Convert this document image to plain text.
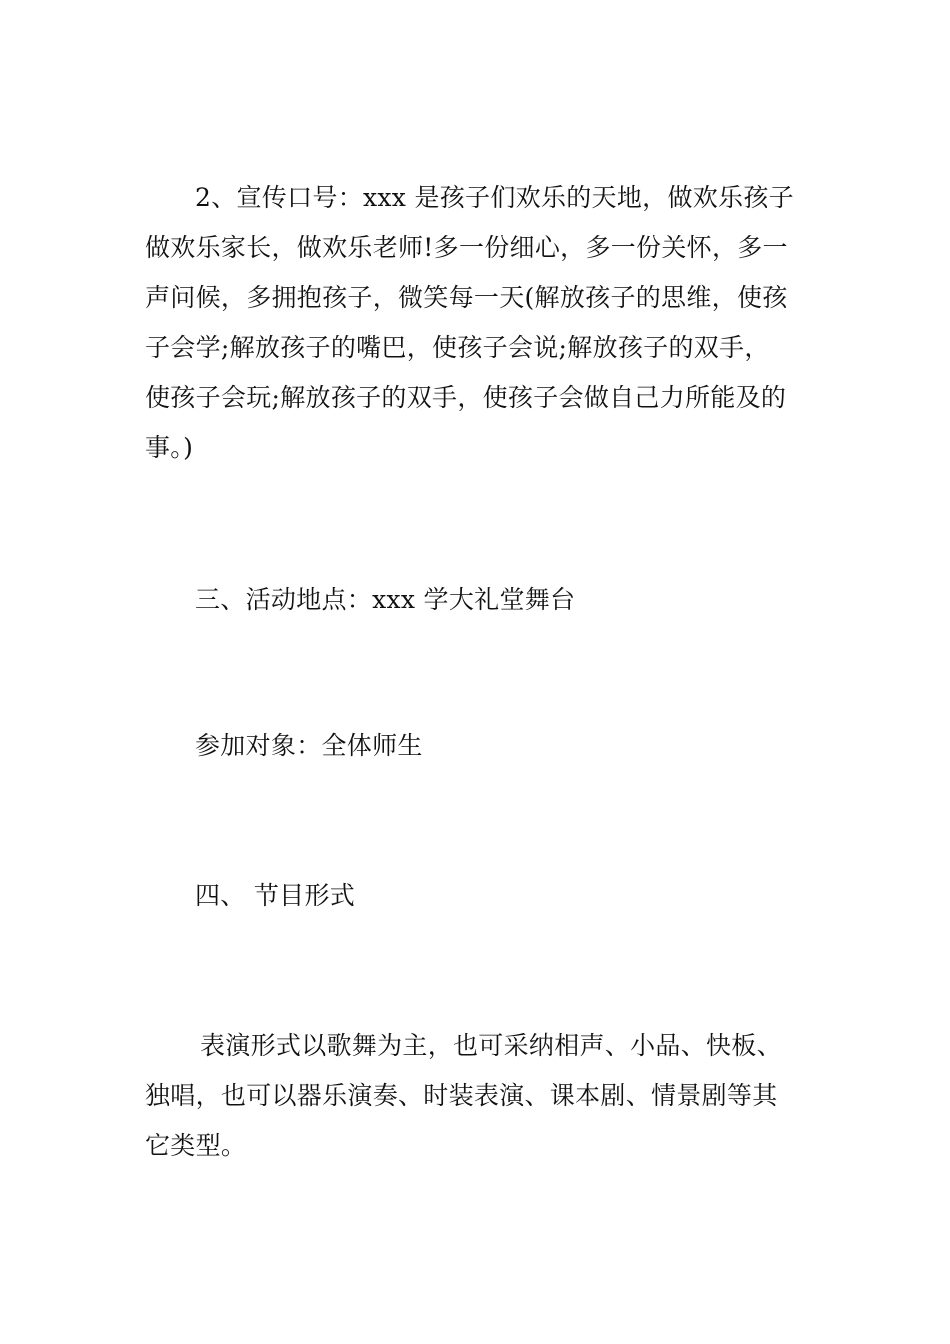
2、宣传口号：xxx 是孩子们欢乐的天地，做欢乐孩子
做欢乐家长，做欢乐老师!多一份细心，多一份关怀，多一
声问候，多拥抱孩子，微笑每一天(解放孩子的思维，使孩
子会学;解放孩子的嘴巴，使孩子会说;解放孩子的双手，
使孩子会玩;解放孩子的双手，使孩子会做自己力所能及的
事。)
三、活动地点：xxx 学大礼堂舞台
参加对象：全体师生
四、 节目形式
表演形式以歌舞为主，也可采纳相声、小品、快板、
独唱，也可以器乐演奏、时装表演、课本剧、情景剧等其
它类型。
